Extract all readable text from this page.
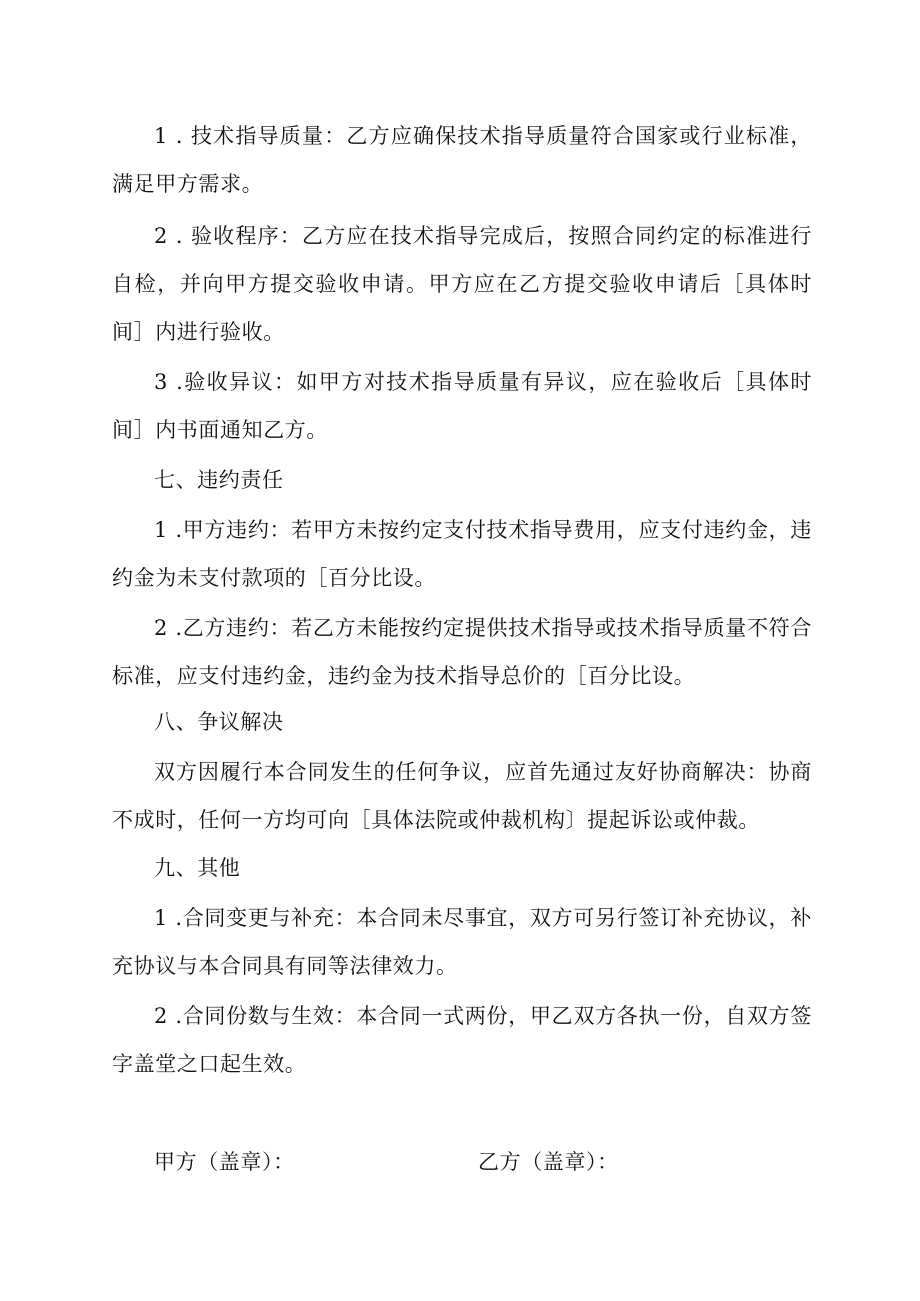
1 . 技术指导质量：乙方应确保技术指导质量符合国家或行业标准，满足甲方需求。

2 . 验收程序：乙方应在技术指导完成后，按照合同约定的标准进行自检，并向甲方提交验收申请。甲方应在乙方提交验收申请后［具体时间］内进行验收。

3 .验收异议：如甲方对技术指导质量有异议，应在验收后［具体时间］内书面通知乙方。

七、违约责任

1 .甲方违约：若甲方未按约定支付技术指导费用，应支付违约金，违约金为未支付款项的［百分比设。

2 .乙方违约：若乙方未能按约定提供技术指导或技术指导质量不符合标准，应支付违约金，违约金为技术指导总价的［百分比设。

八、争议解决

双方因履行本合同发生的任何争议，应首先通过友好协商解决：协商不成时，任何一方均可向［具体法院或仲裁机构〕提起诉讼或仲裁。

九、其他

1 .合同变更与补充：本合同未尽事宜，双方可另行签订补充协议，补充协议与本合同具有同等法律效力。

2 .合同份数与生效：本合同一式两份，甲乙双方各执一份，自双方签字盖堂之口起生效。

甲方（盖章）：	乙方（盖章）：
